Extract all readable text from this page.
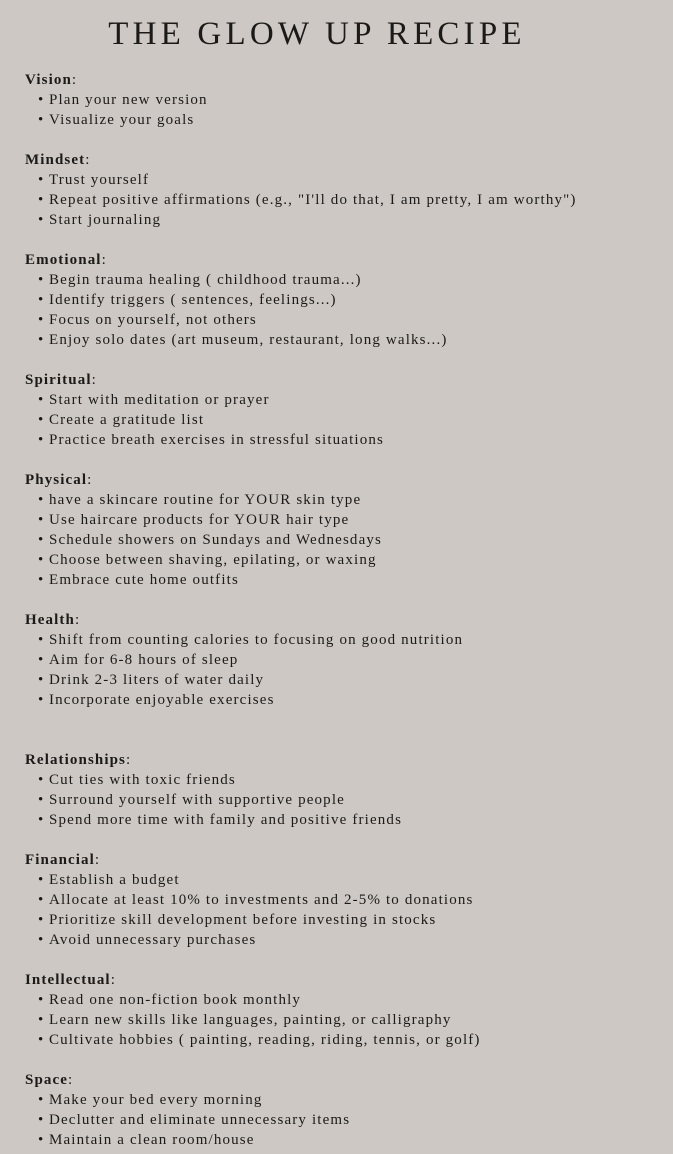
THE GLOW UP RECIPE
Vision:
• Plan your new version
• Visualize your goals
Mindset:
• Trust yourself
• Repeat positive affirmations (e.g., "I'll do that, I am pretty, I am worthy")
• Start journaling
Emotional:
• Begin trauma healing ( childhood trauma...)
• Identify triggers ( sentences, feelings...)
• Focus on yourself, not others
• Enjoy solo dates (art museum, restaurant, long walks...)
Spiritual:
• Start with meditation or prayer
• Create a gratitude list
• Practice breath exercises in stressful situations
Physical:
• have a skincare routine for YOUR skin type
• Use haircare products for YOUR hair type
• Schedule showers on Sundays and Wednesdays
• Choose between shaving, epilating, or waxing
• Embrace cute home outfits
Health:
• Shift from counting calories to focusing on good nutrition
• Aim for 6-8 hours of sleep
• Drink 2-3 liters of water daily
• Incorporate enjoyable exercises
Relationships:
• Cut ties with toxic friends
• Surround yourself with supportive people
• Spend more time with family and positive friends
Financial:
• Establish a budget
• Allocate at least 10% to investments and 2-5% to donations
• Prioritize skill development before investing in stocks
• Avoid unnecessary purchases
Intellectual:
• Read one non-fiction book monthly
• Learn new skills like languages, painting, or calligraphy
• Cultivate hobbies ( painting, reading, riding, tennis, or golf)
Space:
• Make your bed every morning
• Declutter and eliminate unnecessary items
• Maintain a clean room/house
